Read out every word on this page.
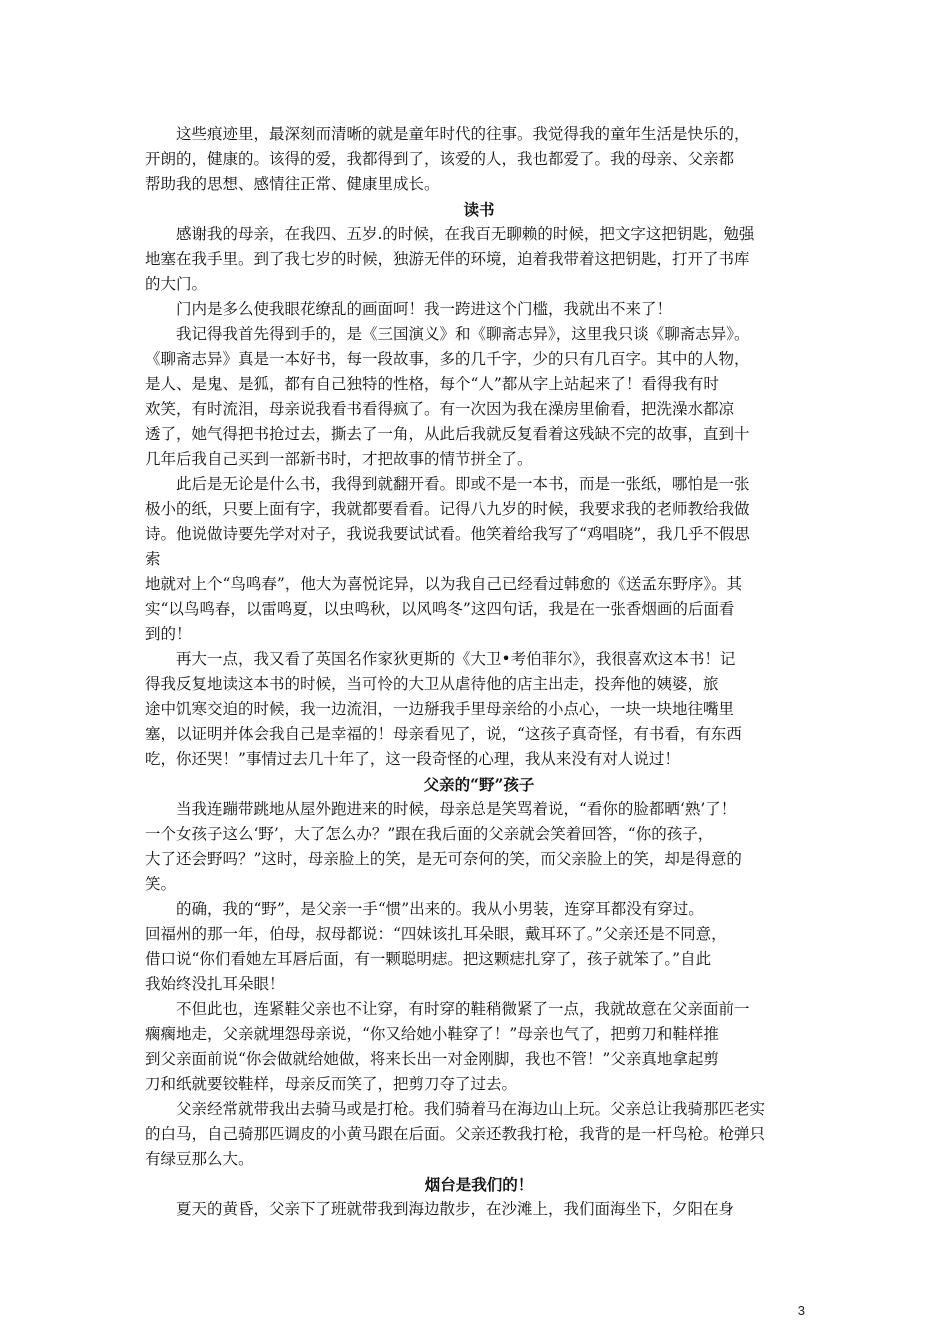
这些痕迹里，最深刻而清晰的就是童年时代的往事。我觉得我的童年生活是快乐的，
开朗的，健康的。该得的爱，我都得到了，该爱的人，我也都爱了。我的母亲、父亲都
帮助我的思想、感情往正常、健康里成长。
读书
感谢我的母亲，在我四、五岁.的时候，在我百无聊赖的时候，把文字这把钥匙，勉强
地塞在我手里。到了我七岁的时候，独游无伴的环境，迫着我带着这把钥匙，打开了书库
的大门。
门内是多么使我眼花缭乱的画面呵！我一跨进这个门槛，我就出不来了！
我记得我首先得到手的，是《三国演义》和《聊斋志异》，这里我只谈《聊斋志异》。
《聊斋志异》真是一本好书，每一段故事，多的几千字，少的只有几百字。其中的人物，
是人、是鬼、是狐，都有自己独特的性格，每个“人”都从字上站起来了！看得我有时
欢笑，有时流泪，母亲说我看书看得疯了。有一次因为我在澡房里偷看，把洗澡水都凉
透了，她气得把书抢过去，撕去了一角，从此后我就反复看着这残缺不完的故事，直到十
几年后我自己买到一部新书时，才把故事的情节拼全了。
此后是无论是什么书，我得到就翻开看。即或不是一本书，而是一张纸，哪怕是一张
极小的纸，只要上面有字，我就都要看看。记得八九岁的时候，我要求我的老师教给我做
诗。他说做诗要先学对对子，我说我要试试看。他笑着给我写了“鸡唱晓”，我几乎不假思
索
地就对上个“鸟鸣春”，他大为喜悦诧异，以为我自己已经看过韩愈的《送孟东野序》。其
实“以鸟鸣春，以雷鸣夏，以虫鸣秋，以风鸣冬”这四句话，我是在一张香烟画的后面看
到的！
再大一点，我又看了英国名作家狄更斯的《大卫•考伯菲尔》，我很喜欢这本书！记
得我反复地读这本书的时候，当可怜的大卫从虐待他的店主出走，投奔他的姨婆，旅
途中饥寒交迫的时候，我一边流泪，一边掰我手里母亲给的小点心，一块一块地往嘴里
塞，以证明并体会我自己是幸福的！母亲看见了，说，“这孩子真奇怪，有书看，有东西
吃，你还哭！”事情过去几十年了，这一段奇怪的心理，我从来没有对人说过！
父亲的“野”孩子
当我连蹦带跳地从屋外跑进来的时候，母亲总是笑骂着说，“看你的脸都晒‘熟’了！
一个女孩子这么‘野’，大了怎么办？”跟在我后面的父亲就会笑着回答，“你的孩子，
大了还会野吗？”这时，母亲脸上的笑，是无可奈何的笑，而父亲脸上的笑，却是得意的
笑。
的确，我的“野”，是父亲一手“惯”出来的。我从小男装，连穿耳都没有穿过。
回福州的那一年，伯母，叔母都说：“四妹该扎耳朵眼，戴耳环了。”父亲还是不同意，
借口说“你们看她左耳唇后面，有一颗聪明痣。把这颗痣扎穿了，孩子就笨了。”自此
我始终没扎耳朵眼！
不但此也，连紧鞋父亲也不让穿，有时穿的鞋稍微紧了一点，我就故意在父亲面前一
瘸瘸地走，父亲就埋怨母亲说，“你又给她小鞋穿了！”母亲也气了，把剪刀和鞋样推
到父亲面前说“你会做就给她做，将来长出一对金刚脚，我也不管！”父亲真地拿起剪
刀和纸就要铰鞋样，母亲反而笑了，把剪刀夺了过去。
父亲经常就带我出去骑马或是打枪。我们骑着马在海边山上玩。父亲总让我骑那匹老实
的白马，自己骑那匹调皮的小黄马跟在后面。父亲还教我打枪，我背的是一杆鸟枪。枪弹只
有绿豆那么大。
烟台是我们的！
夏天的黄昏，父亲下了班就带我到海边散步，在沙滩上，我们面海坐下，夕阳在身
3
